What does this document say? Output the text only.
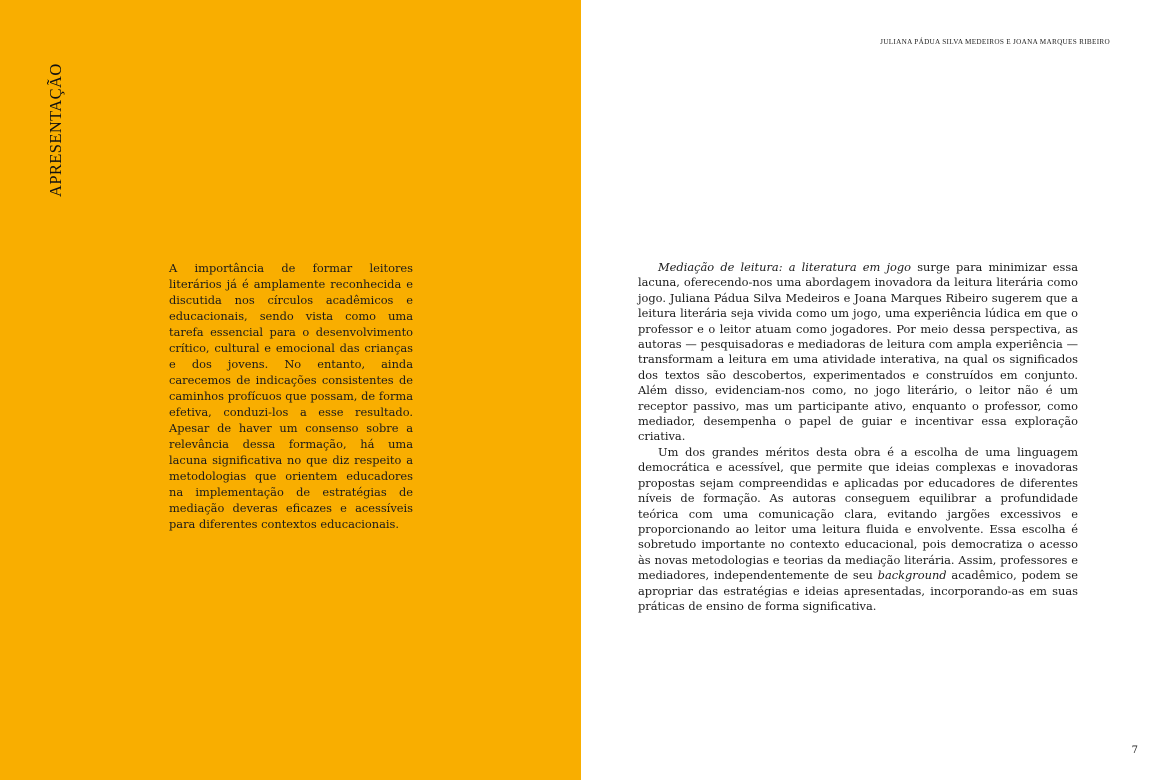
APRESENTAÇÃO

A importância de formar leitores literários já é amplamente reconhecida e discutida nos círculos acadêmicos e educacionais, sendo vista como uma tarefa essencial para o desenvolvimento crítico, cultural e emocional das crianças e dos jovens. No entanto, ainda carecemos de indicações consistentes de caminhos profícuos que possam, de forma efetiva, conduzi-los a esse resultado. Apesar de haver um consenso sobre a relevância dessa formação, há uma lacuna significativa no que diz respeito a metodologias que orientem educadores na implementação de estratégias de mediação deveras eficazes e acessíveis para diferentes contextos educacionais.

JULIANA PÁDUA SILVA MEDEIROS E JOANA MARQUES RIBEIRO

Mediação de leitura: a literatura em jogo surge para minimizar essa lacuna, oferecendo-nos uma abordagem inovadora da leitura literária como jogo. Juliana Pádua Silva Medeiros e Joana Marques Ribeiro sugerem que a leitura literária seja vivida como um jogo, uma experiência lúdica em que o professor e o leitor atuam como jogadores. Por meio dessa perspectiva, as autoras — pesquisadoras e mediadoras de leitura com ampla experiência — transformam a leitura em uma atividade interativa, na qual os significados dos textos são descobertos, experimentados e construídos em conjunto. Além disso, evidenciam-nos como, no jogo literário, o leitor não é um receptor passivo, mas um participante ativo, enquanto o professor, como mediador, desempenha o papel de guiar e incentivar essa exploração criativa.

Um dos grandes méritos desta obra é a escolha de uma linguagem democrática e acessível, que permite que ideias complexas e inovadoras propostas sejam compreendidas e aplicadas por educadores de diferentes níveis de formação. As autoras conseguem equilibrar a profundidade teórica com uma comunicação clara, evitando jargões excessivos e proporcionando ao leitor uma leitura fluida e envolvente. Essa escolha é sobretudo importante no contexto educacional, pois democratiza o acesso às novas metodologias e teorias da mediação literária. Assim, professores e mediadores, independentemente de seu background acadêmico, podem se apropriar das estratégias e ideias apresentadas, incorporando-as em suas práticas de ensino de forma significativa.

7
